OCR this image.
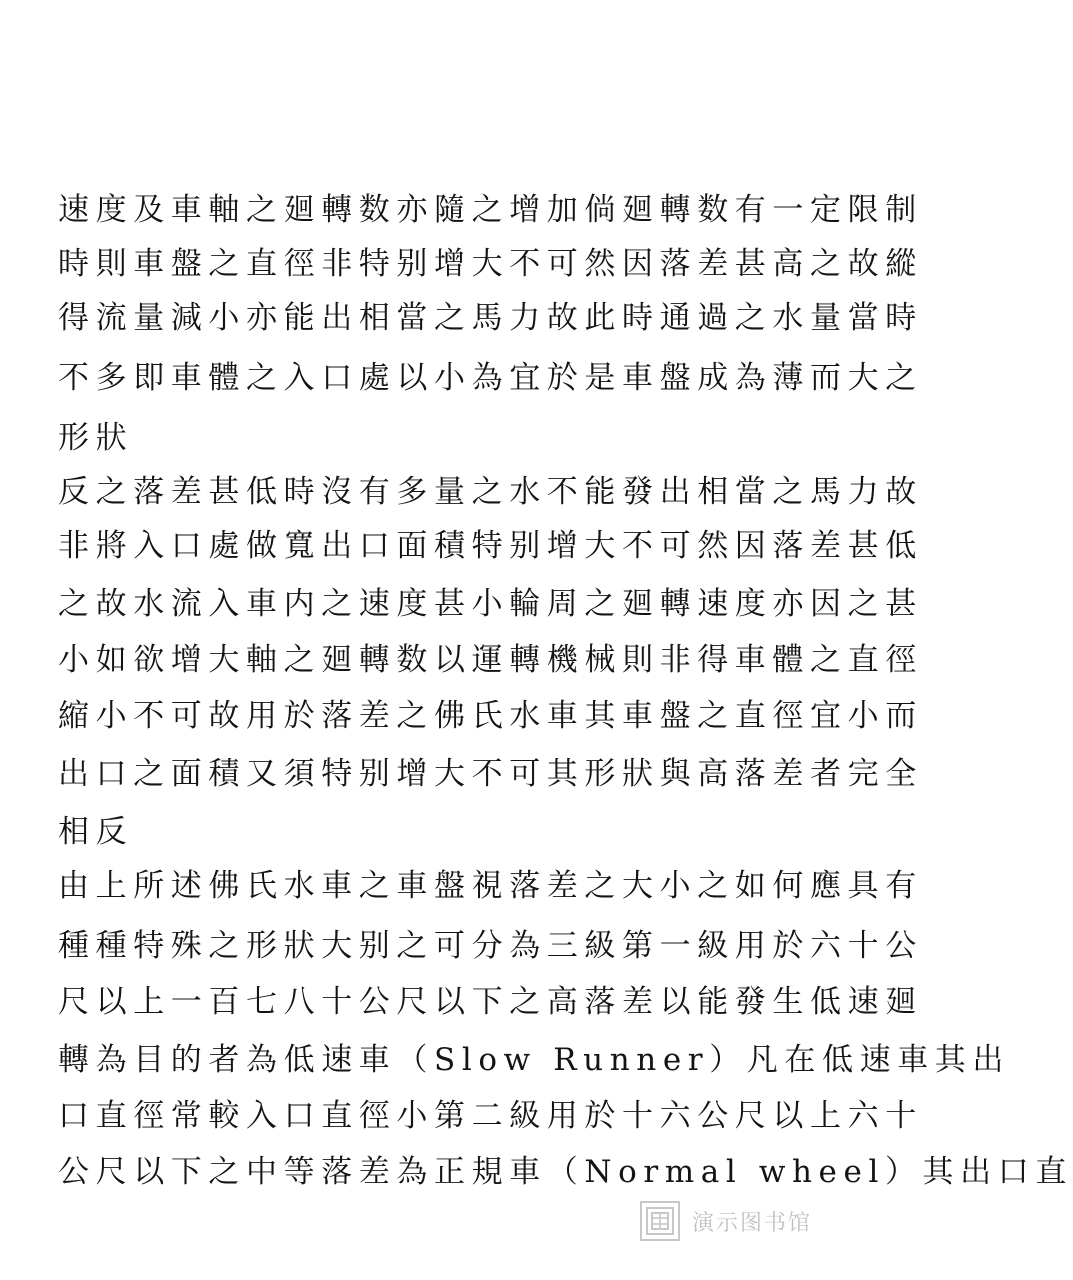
速度及車軸之廻轉数亦隨之增加倘廻轉数有一定限制
時則車盤之直徑非特别增大不可然因落差甚高之故縱
得流量減小亦能出相當之馬力故此時通過之水量當時
不多即車體之入口處以小為宜於是車盤成為薄而大之
形狀
反之落差甚低時沒有多量之水不能發出相當之馬力故
非將入口處做寬出口面積特别增大不可然因落差甚低
之故水流入車内之速度甚小輪周之廻轉速度亦因之甚
小如欲增大軸之廻轉数以運轉機械則非得車體之直徑
縮小不可故用於落差之佛氏水車其車盤之直徑宜小而
出口之面積又須特别增大不可其形狀與高落差者完全
相反
由上所述佛氏水車之車盤視落差之大小之如何應具有
種種特殊之形狀大别之可分為三級第一級用於六十公
尺以上一百七八十公尺以下之高落差以能發生低速廻
轉為目的者為低速車（Slow Runner）凡在低速車其出
口直徑常較入口直徑小第二級用於十六公尺以上六十
公尺以下之中等落差為正規車（Normal wheel）其出口直
演示图书馆
